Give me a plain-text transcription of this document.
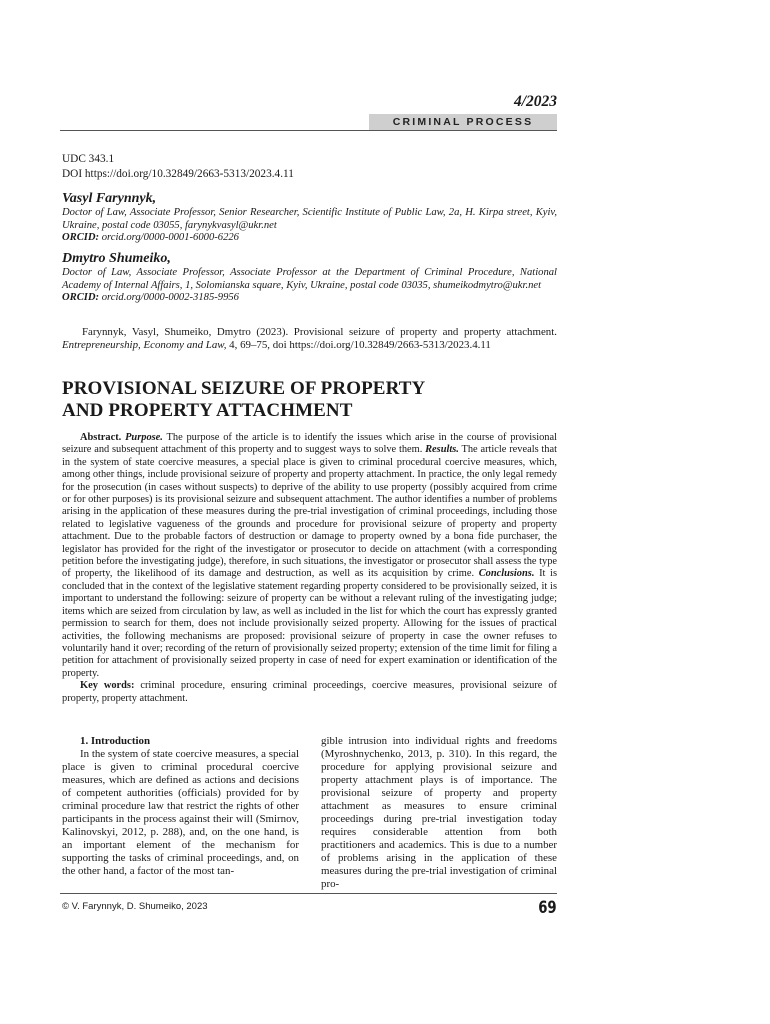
4/2023
CRIMINAL PROCESS
UDC 343.1
DOI https://doi.org/10.32849/2663-5313/2023.4.11

Vasyl Farynnyk,

Doctor of Law, Associate Professor, Senior Researcher, Scientific Institute of Public Law, 2a, H. Kirpa street, Kyiv, Ukraine, postal code 03055, farynykvasyl@ukr.net

ORCID: orcid.org/0000-0001-6000-6226

Dmytro Shumeiko,

Doctor of Law, Associate Professor, Associate Professor at the Department of Criminal Procedure, National Academy of Internal Affairs, 1, Solomianska square, Kyiv, Ukraine, postal code 03035, shumeikodmytro@ukr.net

ORCID: orcid.org/0000-0002-3185-9956

Farynnyk, Vasyl, Shumeiko, Dmytro (2023). Provisional seizure of property and property attachment. Entrepreneurship, Economy and Law, 4, 69–75, doi https://doi.org/10.32849/2663-5313/2023.4.11

PROVISIONAL SEIZURE OF PROPERTY
AND PROPERTY ATTACHMENT

Abstract. Purpose. The purpose of the article is to identify the issues which arise in the course of provisional seizure and subsequent attachment of this property and to suggest ways to solve them. Results. The article reveals that in the system of state coercive measures, a special place is given to criminal procedural coercive measures, which, among other things, include provisional seizure of property and property attachment. In practice, the only legal remedy for the prosecution (in cases without suspects) to deprive of the ability to use property (possibly acquired from crime or for other purposes) is its provisional seizure and subsequent attachment. The author identifies a number of problems arising in the application of these measures during the pre-trial investigation of criminal proceedings, including those related to legislative vagueness of the grounds and procedure for provisional seizure of property and property attachment. Due to the probable factors of destruction or damage to property owned by a bona fide purchaser, the legislator has provided for the right of the investigator or prosecutor to decide on attachment (with a corresponding petition before the investigating judge), therefore, in such situations, the investigator or prosecutor shall assess the type of property, the likelihood of its damage and destruction, as well as its acquisition by crime. Conclusions. It is concluded that in the context of the legislative statement regarding property considered to be provisionally seized, it is important to understand the following: seizure of property can be without a relevant ruling of the investigating judge; items which are seized from circulation by law, as well as included in the list for which the court has expressly granted permission to search for them, does not include provisionally seized property. Allowing for the issues of practical activities, the following mechanisms are proposed: provisional seizure of property in case the owner refuses to voluntarily hand it over; recording of the return of provisionally seized property; extension of the time limit for filing a petition for attachment of provisionally seized property in case of need for expert examination or identification of the property.

Key words: criminal procedure, ensuring criminal proceedings, coercive measures, provisional seizure of property, property attachment.

1. Introduction

In the system of state coercive measures, a special place is given to criminal procedural coercive measures, which are defined as actions and decisions of competent authorities (officials) provided for by criminal procedure law that restrict the rights of other participants in the process against their will (Smirnov, Kalinovskyi, 2012, p. 288), and, on the one hand, is an important element of the mechanism for supporting the tasks of criminal proceedings, and, on the other hand, a factor of the most tan-

gible intrusion into individual rights and freedoms (Myroshnychenko, 2013, p. 310). In this regard, the procedure for applying provisional seizure and property attachment plays is of importance. The provisional seizure of property and property attachment as measures to ensure criminal proceedings during pre-trial investigation today requires considerable attention from both practitioners and academics. This is due to a number of problems arising in the application of these measures during the pre-trial investigation of criminal pro-

© V. Farynnyk, D. Shumeiko, 2023	69
